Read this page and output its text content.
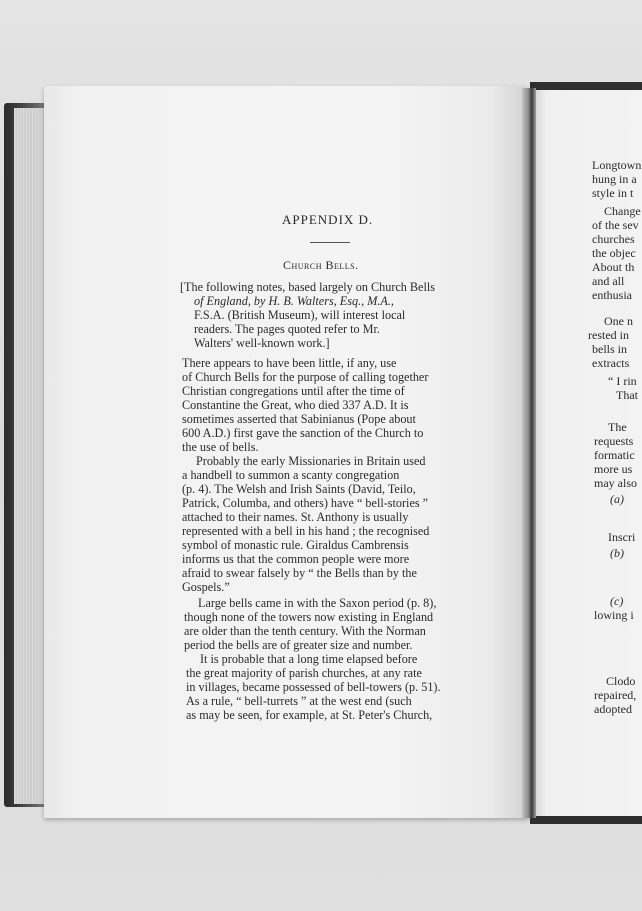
Longtown
hung in a
style in t
Change
of the sev
churches
the objec
About th
and all
enthusia
One n
rested in
bells in
extracts
“ I rin
That
The
requests
formatic
more us
may also
(a)
Inscri
(b)
(c)
lowing i
Clodo
repaired,
adopted
APPENDIX D.
Church Bells.
[The following notes, based largely on Church Bells
of England, by H. B. Walters, Esq., M.A.,
F.S.A. (British Museum), will interest local
readers. The pages quoted refer to Mr.
Walters' well-known work.]
There appears to have been little, if any, use
of Church Bells for the purpose of calling together
Christian congregations until after the time of
Constantine the Great, who died 337 A.D. It is
sometimes asserted that Sabinianus (Pope about
600 A.D.) first gave the sanction of the Church to
the use of bells.
Probably the early Missionaries in Britain used
a handbell to summon a scanty congregation
(p. 4). The Welsh and Irish Saints (David, Teilo,
Patrick, Columba, and others) have “ bell-stories ”
attached to their names. St. Anthony is usually
represented with a bell in his hand ; the recognised
symbol of monastic rule. Giraldus Cambrensis
informs us that the common people were more
afraid to swear falsely by “ the Bells than by the
Gospels.”
Large bells came in with the Saxon period (p. 8),
though none of the towers now existing in England
are older than the tenth century. With the Norman
period the bells are of greater size and number.
It is probable that a long time elapsed before
the great majority of parish churches, at any rate
in villages, became possessed of bell-towers (p. 51).
As a rule, “ bell-turrets ” at the west end (such
as may be seen, for example, at St. Peter's Church,
